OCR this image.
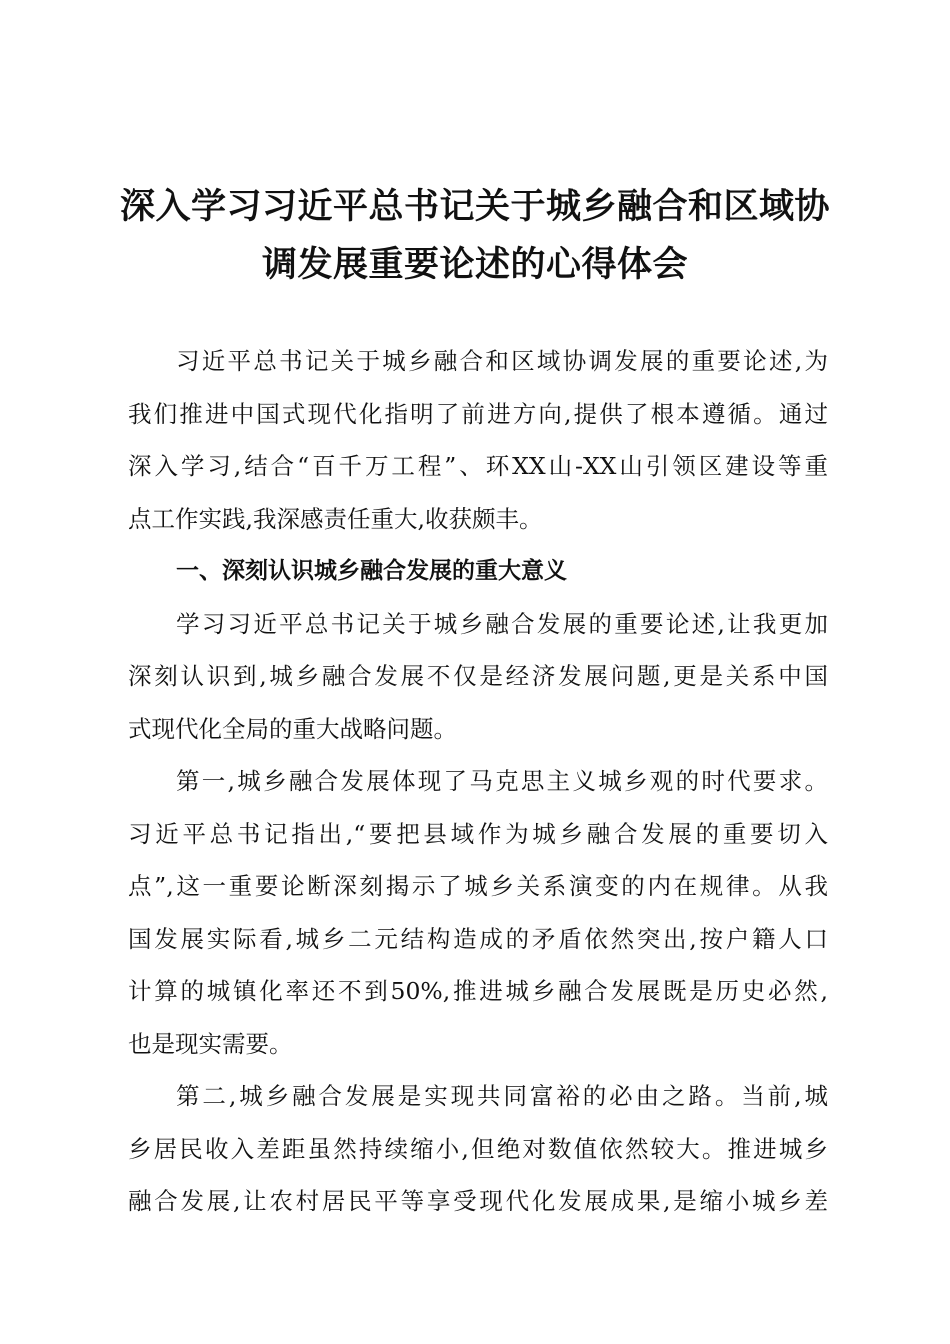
深入学习习近平总书记关于城乡融合和区域协
调发展重要论述的心得体会
习近平总书记关于城乡融合和区域协调发展的重要论述,为
我们推进中国式现代化指明了前进方向,提供了根本遵循。通过
深入学习,结合“百千万工程”、环XX山-XX山引领区建设等重
点工作实践,我深感责任重大,收获颇丰。
一、深刻认识城乡融合发展的重大意义
学习习近平总书记关于城乡融合发展的重要论述,让我更加
深刻认识到,城乡融合发展不仅是经济发展问题,更是关系中国
式现代化全局的重大战略问题。
第一,城乡融合发展体现了马克思主义城乡观的时代要求。
习近平总书记指出,“要把县域作为城乡融合发展的重要切入
点”,这一重要论断深刻揭示了城乡关系演变的内在规律。从我
国发展实际看,城乡二元结构造成的矛盾依然突出,按户籍人口
计算的城镇化率还不到50%,推进城乡融合发展既是历史必然,
也是现实需要。
第二,城乡融合发展是实现共同富裕的必由之路。当前,城
乡居民收入差距虽然持续缩小,但绝对数值依然较大。推进城乡
融合发展,让农村居民平等享受现代化发展成果,是缩小城乡差
